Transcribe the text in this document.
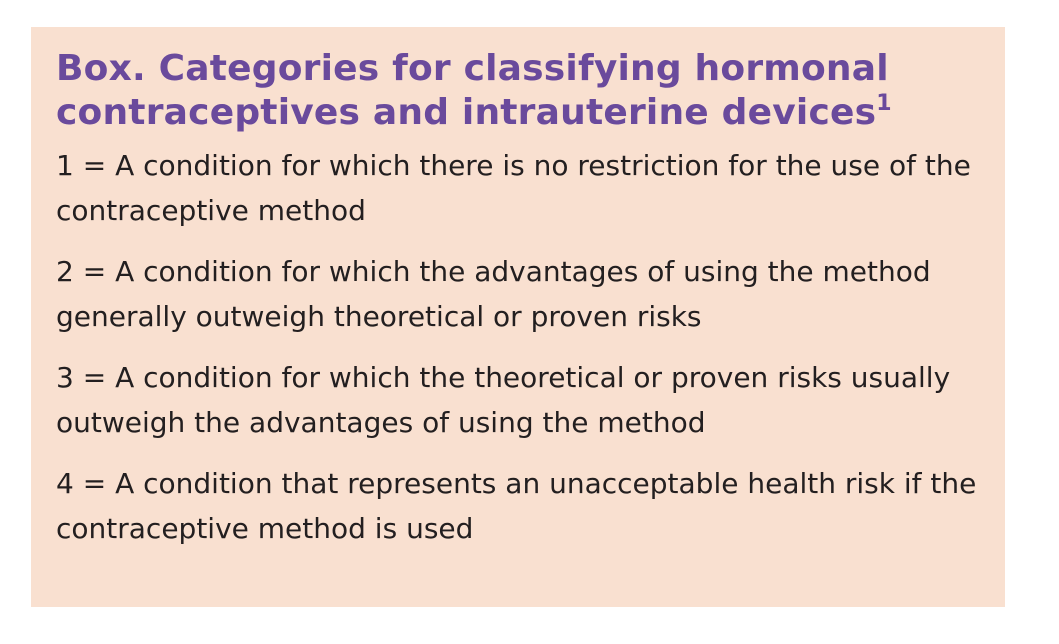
Box. Categories for classifying hormonal contraceptives and intrauterine devices$^1$
1 = A condition for which there is no restriction for the use of the contraceptive method
2 = A condition for which the advantages of using the method generally outweigh theoretical or proven risks
3 = A condition for which the theoretical or proven risks usually outweigh the advantages of using the method
4 = A condition that represents an unacceptable health risk if the contraceptive method is used
